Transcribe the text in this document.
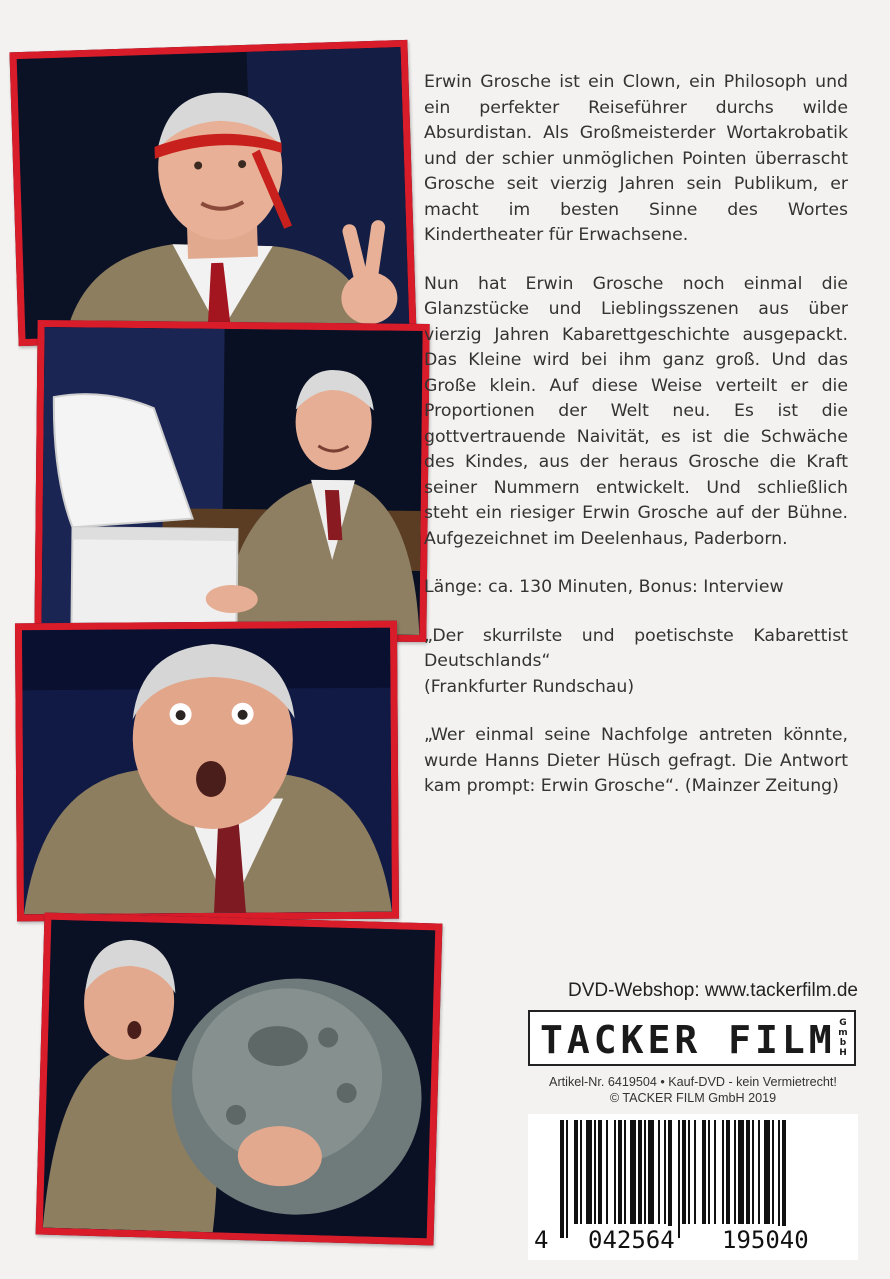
Erwin Grosche ist ein Clown, ein Philosoph und ein perfekter Reiseführer durchs wilde Absurdistan. Als Großmeisterder Wortakrobatik und der schier unmöglichen Pointen überrascht Grosche seit vierzig Jahren sein Publikum, er macht im besten Sinne des Wortes Kindertheater für Erwachsene.

Nun hat Erwin Grosche noch einmal die Glanzstücke und Lieblingsszenen aus über vierzig Jahren Kabarettgeschichte ausgepackt. Das Kleine wird bei ihm ganz groß. Und das Große klein. Auf diese Weise verteilt er die Proportionen der Welt neu. Es ist die gottvertrauende Naivität, es ist die Schwäche des Kindes, aus der heraus Grosche die Kraft seiner Nummern entwickelt. Und schließlich steht ein riesiger Erwin Grosche auf der Bühne. Aufgezeichnet im Deelenhaus, Paderborn.

Länge: ca. 130 Minuten, Bonus: Interview

„Der skurrilste und poetischste Kabarettist Deutschlands“
(Frankfurter Rundschau)

„Wer einmal seine Nachfolge antreten könnte, wurde Hanns Dieter Hüsch gefragt. Die Antwort kam prompt: Erwin Grosche“. (Mainzer Zeitung)

DVD-Webshop: www.tackerfilm.de
TACKER FILM G
m
b
H
Artikel-Nr. 6419504 • Kauf-DVD - kein Vermietrecht!
© TACKER FILM GmbH 2019
4 042564 195040
